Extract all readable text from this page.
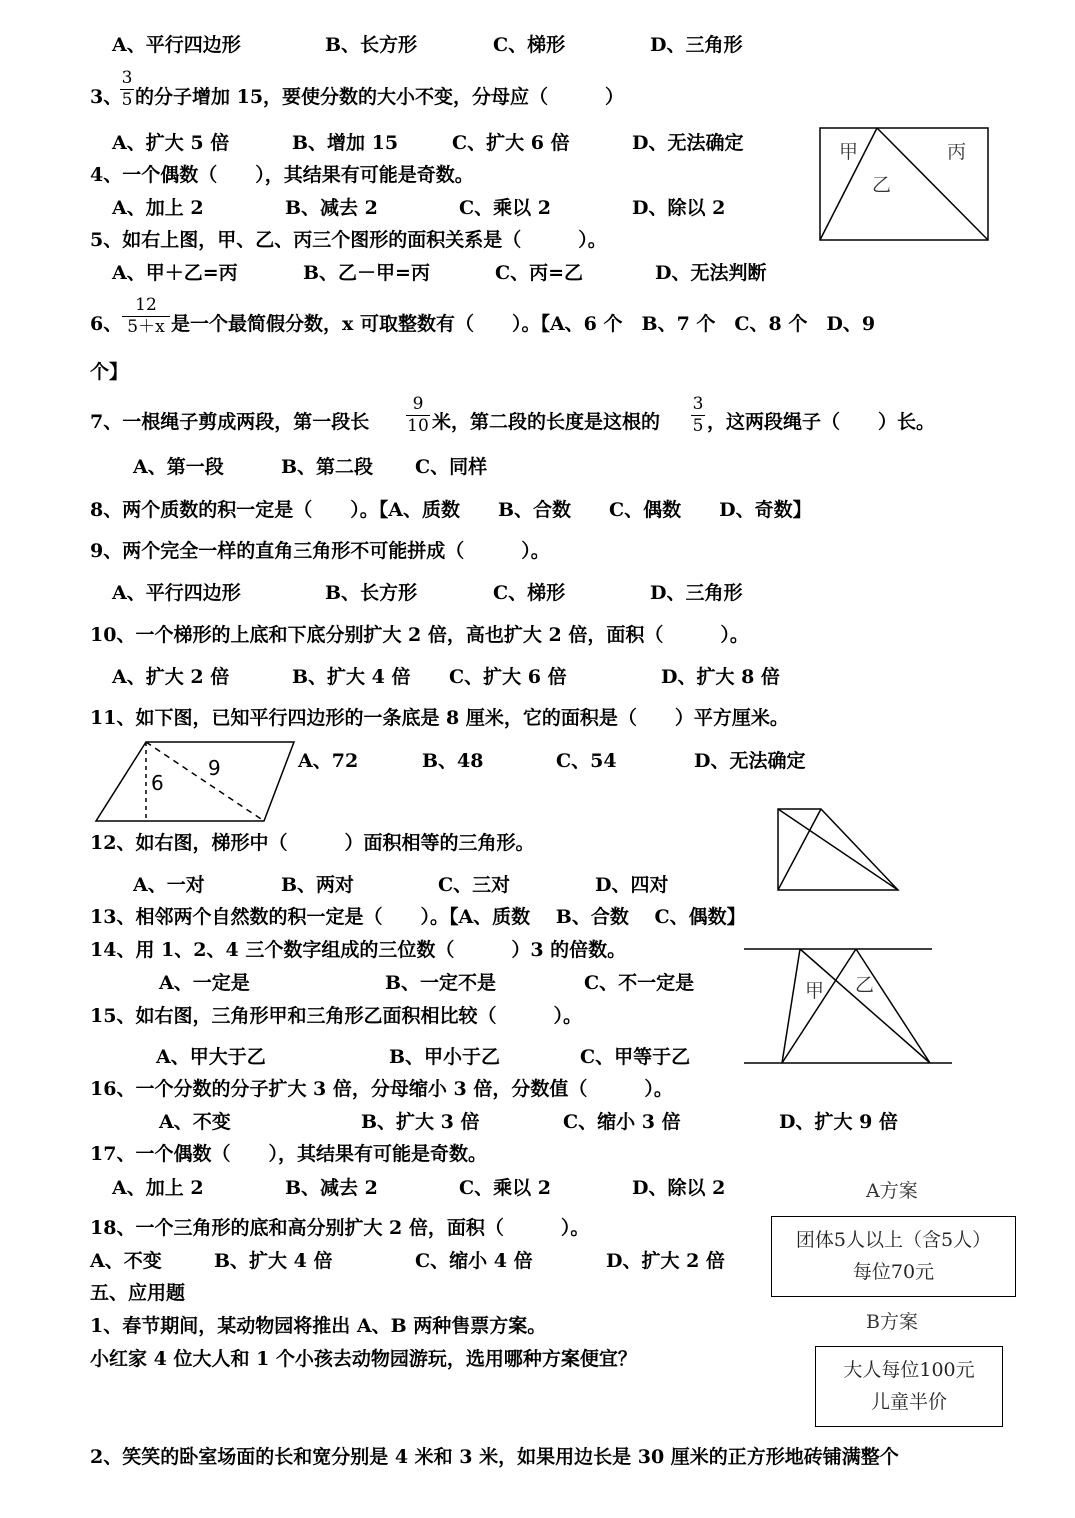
A、平行四边形	B、长方形	C、梯形	D、三角形
3、
3
5 的分子增加 15，要使分数的大小不变，分母应（　　　）
A、扩大 5 倍	B、增加 15	C、扩大 6 倍	D、无法确定	甲
乙
丙
4、一个偶数（　　），其结果有可能是奇数。
A、加上 2	B、减去 2	C、乘以 2	D、除以 2
5、如右上图，甲、乙、丙三个图形的面积关系是（　　　）。
A、甲＋乙=丙	B、乙－甲=丙	C、丙=乙	D、无法判断
6、
12
5＋x 是一个最简假分数，x 可取整数有（　　）。【A、6 个　B、7 个　C、8 个　D、9
个】
7、一根绳子剪成两段，第一段长
9
10 米，第二段的长度是这根的
3
5 ，这两段绳子（　　）长。
A、第一段	B、第二段 C、同样
8、两个质数的积一定是（　　）。【A、质数　　B、合数　　C、偶数　　D、奇数】
9、两个完全一样的直角三角形不可能拼成（　　　）。
A、平行四边形	B、长方形	C、梯形	D、三角形
10、一个梯形的上底和下底分别扩大 2 倍，高也扩大 2 倍，面积（　　　）。
A、扩大 2 倍	B、扩大 4 倍 C、扩大 6 倍	D、扩大 8 倍
11、如下图，已知平行四边形的一条底是 8 厘米，它的面积是（　　）平方厘米。
9
6
A、72	B、48	C、54	D、无法确定
12、如右图，梯形中（　　　）面积相等的三角形。
A、一对	B、两对	C、三对	D、四对
13、相邻两个自然数的积一定是（　　）。【A、质数　 B、合数　 C、偶数】
甲 乙
14、用 1、2、4 三个数字组成的三位数（　　　）3 的倍数。
A、一定是	B、一定不是	C、不一定是
15、如右图，三角形甲和三角形乙面积相比较（　　　）。
A、甲大于乙	B、甲小于乙	C、甲等于乙
16、一个分数的分子扩大 3 倍，分母缩小 3 倍，分数值（　　　）。
A、不变	B、扩大 3 倍	C、缩小 3 倍	D、扩大 9 倍
17、一个偶数（　　），其结果有可能是奇数。
A、加上 2	B、减去 2	C、乘以 2	D、除以 2	A方案
团体5人以上（含5人）
每位70元
18、一个三角形的底和高分别扩大 2 倍，面积（　　　）。
A、不变	B、扩大 4 倍	C、缩小 4 倍	D、扩大 2 倍
五、应用题
1、春节期间，某动物园将推出 A、B 两种售票方案。	B方案
小红家 4 位大人和 1 个小孩去动物园游玩，选用哪种方案便宜？	大人每位100元
儿童半价
2、笑笑的卧室场面的长和宽分别是 4 米和 3 米，如果用边长是 30 厘米的正方形地砖铺满整个
